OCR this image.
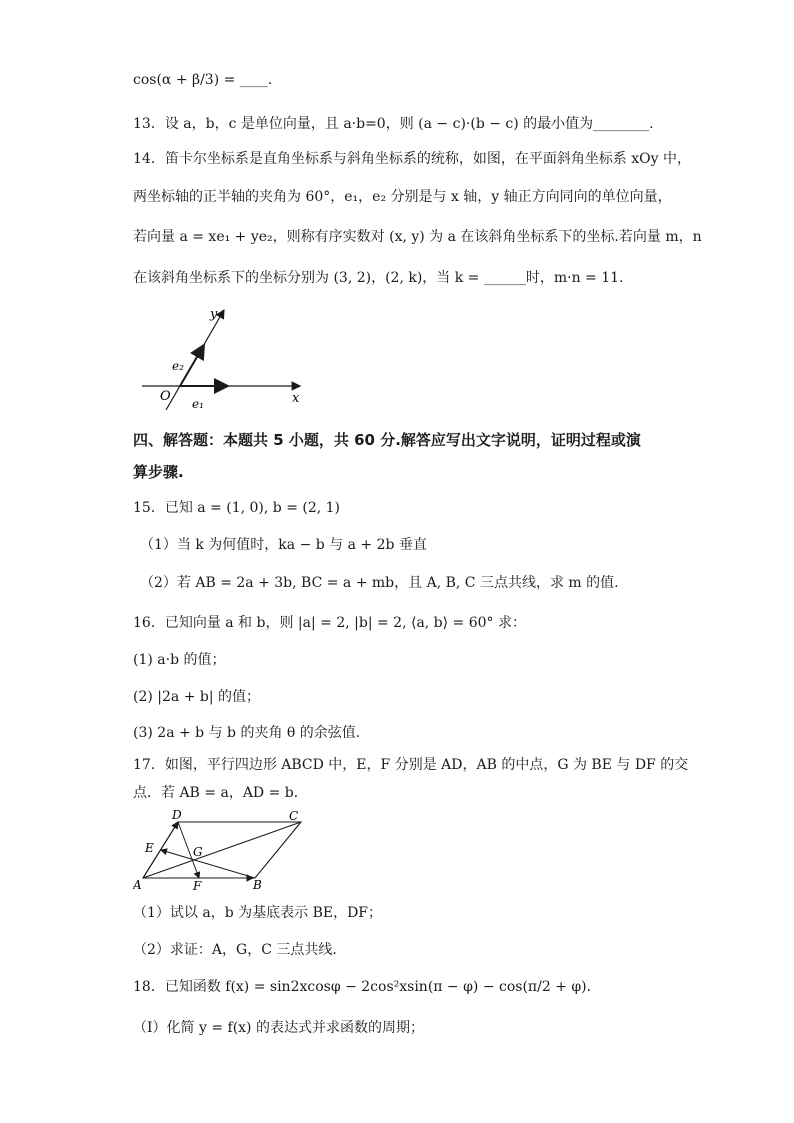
cos(α + β/3) = ____.
13．设 a，b，c 是单位向量，且 a·b=0，则 (a − c)·(b − c) 的最小值为________.
14．笛卡尔坐标系是直角坐标系与斜角坐标系的统称，如图，在平面斜角坐标系 xOy 中，
两坐标轴的正半轴的夹角为 60°，e₁，e₂ 分别是与 x 轴，y 轴正方向同向的单位向量，
若向量 a = xe₁ + ye₂，则称有序实数对 (x, y) 为 a 在该斜角坐标系下的坐标.若向量 m，n
在该斜角坐标系下的坐标分别为 (3, 2)，(2, k)，当 k = ______时，m·n = 11.
y
x
O e₁
e₂
四、解答题：本题共 5 小题，共 60 分.解答应写出文字说明，证明过程或演
算步骤.
15．已知 a = (1, 0), b = (2, 1)
（1）当 k 为何值时，ka − b 与 a + 2b 垂直
（2）若 AB = 2a + 3b, BC = a + mb，且 A, B, C 三点共线，求 m 的值.
16．已知向量 a 和 b，则 |a| = 2, |b| = 2, ⟨a, b⟩ = 60° 求：
(1) a·b 的值；
(2) |2a + b| 的值；
(3) 2a + b 与 b 的夹角 θ 的余弦值.
17．如图，平行四边形 ABCD 中，E，F 分别是 AD，AB 的中点，G 为 BE 与 DF 的交
点．若 AB = a，AD = b．
D	C
E	G
A	F	B
（1）试以 a，b 为基底表示 BE，DF；
（2）求证：A，G，C 三点共线．
18．已知函数 f(x) = sin2xcosφ − 2cos²xsin(π − φ) − cos(π/2 + φ)．
（Ⅰ）化简 y = f(x) 的表达式并求函数的周期；
